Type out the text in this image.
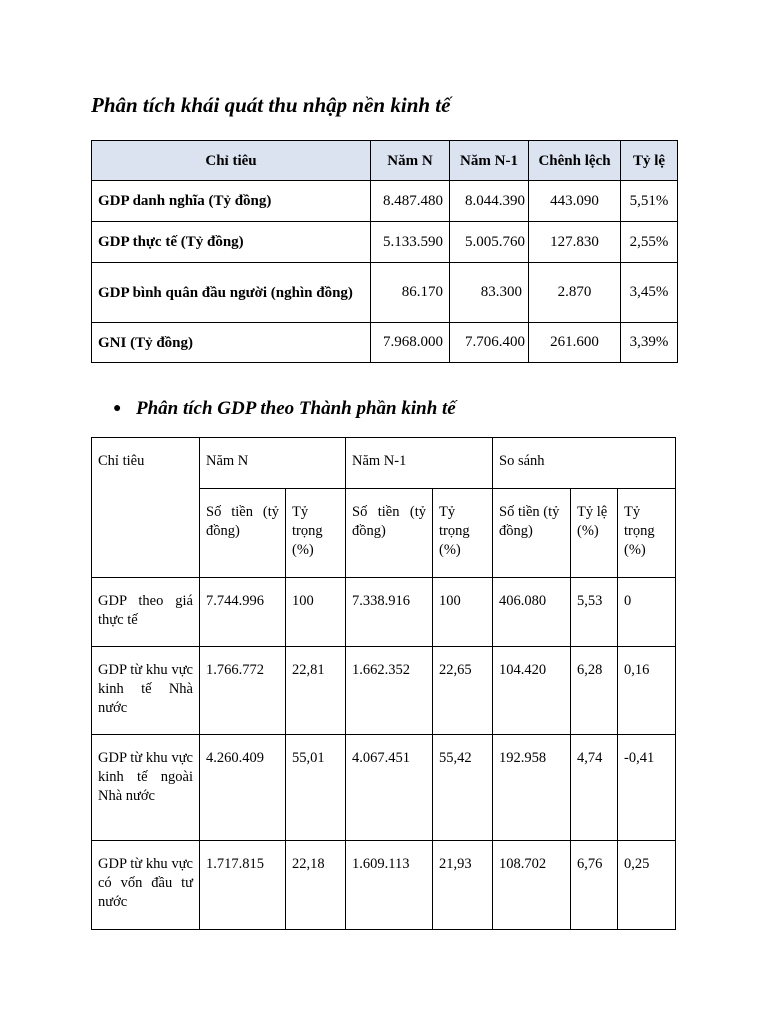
Phân tích khái quát thu nhập nền kinh tế
Chỉ tiêu	Năm N	Năm N-1	Chênh lệch	Tỷ lệ
GDP danh nghĩa (Tỷ đồng)	8.487.480	8.044.390	443.090	5,51%
GDP thực tế (Tỷ đồng)	5.133.590	5.005.760	127.830	2,55%
GDP bình quân đầu người (nghìn đồng)	86.170	83.300	2.870	3,45%
GNI (Tỷ đồng)	7.968.000	7.706.400	261.600	3,39%
● Phân tích GDP theo Thành phần kinh tế
Chỉ tiêu	Năm N		Năm N-1		So sánh		
	Số tiền (tỷ đồng)	Tỷ trọng (%)	Số tiền (tỷ đồng)	Tỷ trọng (%)	Số tiền (tỷ đồng)	Tỷ lệ (%)	Tỷ trọng (%)
GDP theo giá thực tế	7.744.996	100	7.338.916	100	406.080	5,53	0
GDP từ khu vực kinh tế Nhà nước	1.766.772	22,81	1.662.352	22,65	104.420	6,28	0,16
GDP từ khu vực kinh tế ngoài Nhà nước	4.260.409	55,01	4.067.451	55,42	192.958	4,74	-0,41
GDP từ khu vực có vốn đầu tư nước	1.717.815	22,18	1.609.113	21,93	108.702	6,76	0,25
